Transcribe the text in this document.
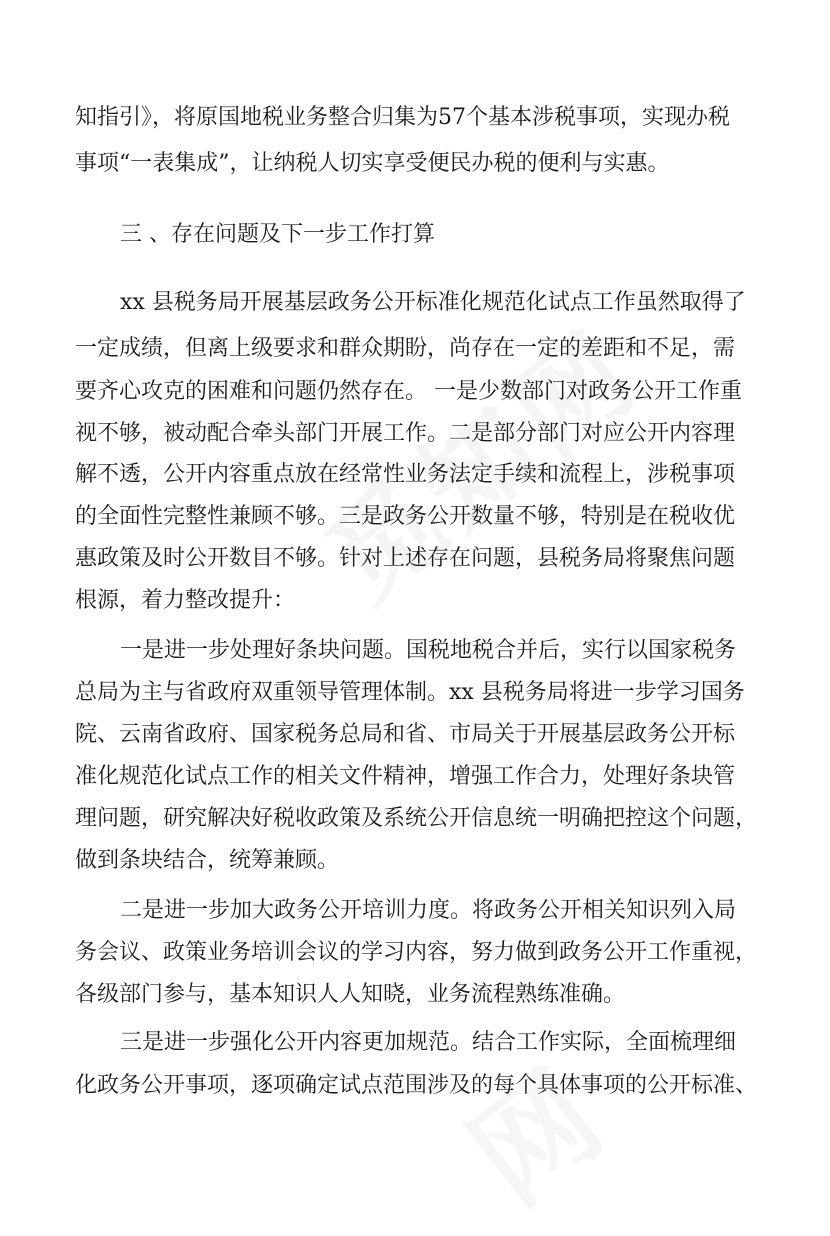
知指引》，将原国地税业务整合归集为57个基本涉税事项，实现办税
事项“一表集成”，让纳税人切实享受便民办税的便利与实惠。
三 、存在问题及下一步工作打算
xx 县税务局开展基层政务公开标准化规范化试点工作虽然取得了
一定成绩，但离上级要求和群众期盼，尚存在一定的差距和不足，需
要齐心攻克的困难和问题仍然存在。 一是少数部门对政务公开工作重
视不够，被动配合牵头部门开展工作。二是部分部门对应公开内容理
解不透，公开内容重点放在经常性业务法定手续和流程上，涉税事项
的全面性完整性兼顾不够。三是政务公开数量不够，特别是在税收优
惠政策及时公开数目不够。针对上述存在问题，县税务局将聚焦问题
根源，着力整改提升：
一是进一步处理好条块问题。国税地税合并后，实行以国家税务
总局为主与省政府双重领导管理体制。xx 县税务局将进一步学习国务
院、云南省政府、国家税务总局和省、市局关于开展基层政务公开标
准化规范化试点工作的相关文件精神，增强工作合力，处理好条块管
理问题，研究解决好税收政策及系统公开信息统一明确把控这个问题，
做到条块结合，统筹兼顾。
二是进一步加大政务公开培训力度。将政务公开相关知识列入局
务会议、政策业务培训会议的学习内容，努力做到政务公开工作重视，
各级部门参与，基本知识人人知晓，业务流程熟练准确。
三是进一步强化公开内容更加规范。结合工作实际，全面梳理细
化政务公开事项，逐项确定试点范围涉及的每个具体事项的公开标准、
